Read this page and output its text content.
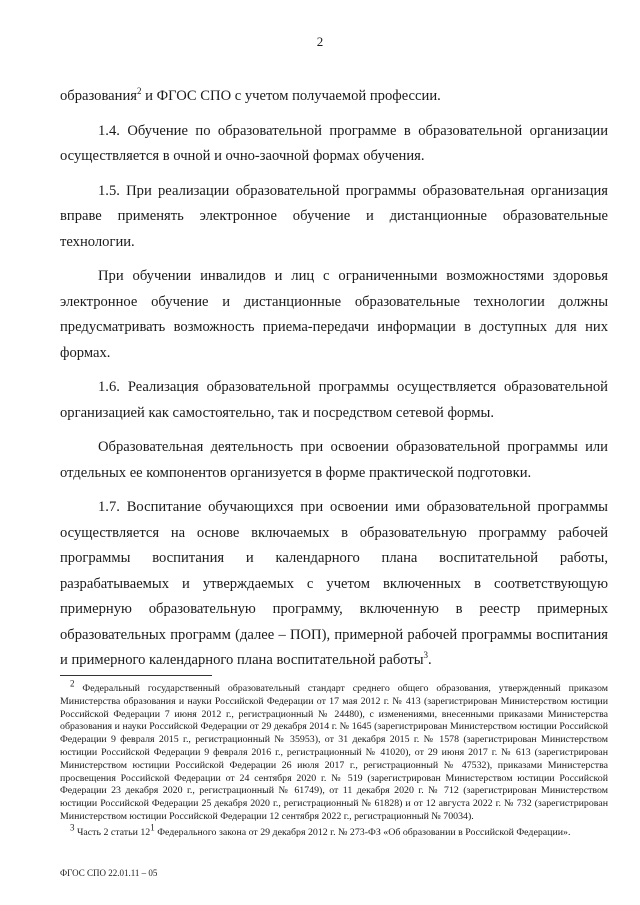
2

образования$^2$ и ФГОС СПО с учетом получаемой профессии.

1.4. Обучение по образовательной программе в образовательной организации осуществляется в очной и очно-заочной формах обучения.

1.5. При реализации образовательной программы образовательная организация вправе применять электронное обучение и дистанционные образовательные технологии.

При обучении инвалидов и лиц с ограниченными возможностями здоровья электронное обучение и дистанционные образовательные технологии должны предусматривать возможность приема-передачи информации в доступных для них формах.

1.6. Реализация образовательной программы осуществляется образовательной организацией как самостоятельно, так и посредством сетевой формы.

Образовательная деятельность при освоении образовательной программы или отдельных ее компонентов организуется в форме практической подготовки.

1.7. Воспитание обучающихся при освоении ими образовательной программы осуществляется на основе включаемых в образовательную программу рабочей программы воспитания и календарного плана воспитательной работы, разрабатываемых и утверждаемых с учетом включенных в соответствующую примерную образовательную программу, включенную в реестр примерных образовательных программ (далее – ПОП), примерной рабочей программы воспитания и примерного календарного плана воспитательной работы$^3$.

$^2$ Федеральный государственный образовательный стандарт среднего общего образования, утвержденный приказом Министерства образования и науки Российской Федерации от 17 мая 2012 г. № 413 (зарегистрирован Министерством юстиции Российской Федерации 7 июня 2012 г., регистрационный № 24480), с изменениями, внесенными приказами Министерства образования и науки Российской Федерации от 29 декабря 2014 г. № 1645 (зарегистрирован Министерством юстиции Российской Федерации 9 февраля 2015 г., регистрационный № 35953), от 31 декабря 2015 г. № 1578 (зарегистрирован Министерством юстиции Российской Федерации 9 февраля 2016 г., регистрационный № 41020), от 29 июня 2017 г. № 613 (зарегистрирован Министерством юстиции Российской Федерации 26 июля 2017 г., регистрационный № 47532), приказами Министерства просвещения Российской Федерации от 24 сентября 2020 г. № 519 (зарегистрирован Министерством юстиции Российской Федерации 23 декабря 2020 г., регистрационный № 61749), от 11 декабря 2020 г. № 712 (зарегистрирован Министерством юстиции Российской Федерации 25 декабря 2020 г., регистрационный № 61828) и от 12 августа 2022 г. № 732 (зарегистрирован Министерством юстиции Российской Федерации 12 сентября 2022 г., регистрационный № 70034).

$^3$ Часть 2 статьи $12^1$ Федерального закона от 29 декабря 2012 г. № 273-ФЗ «Об образовании в Российской Федерации».

ФГОС СПО 22.01.11 – 05
